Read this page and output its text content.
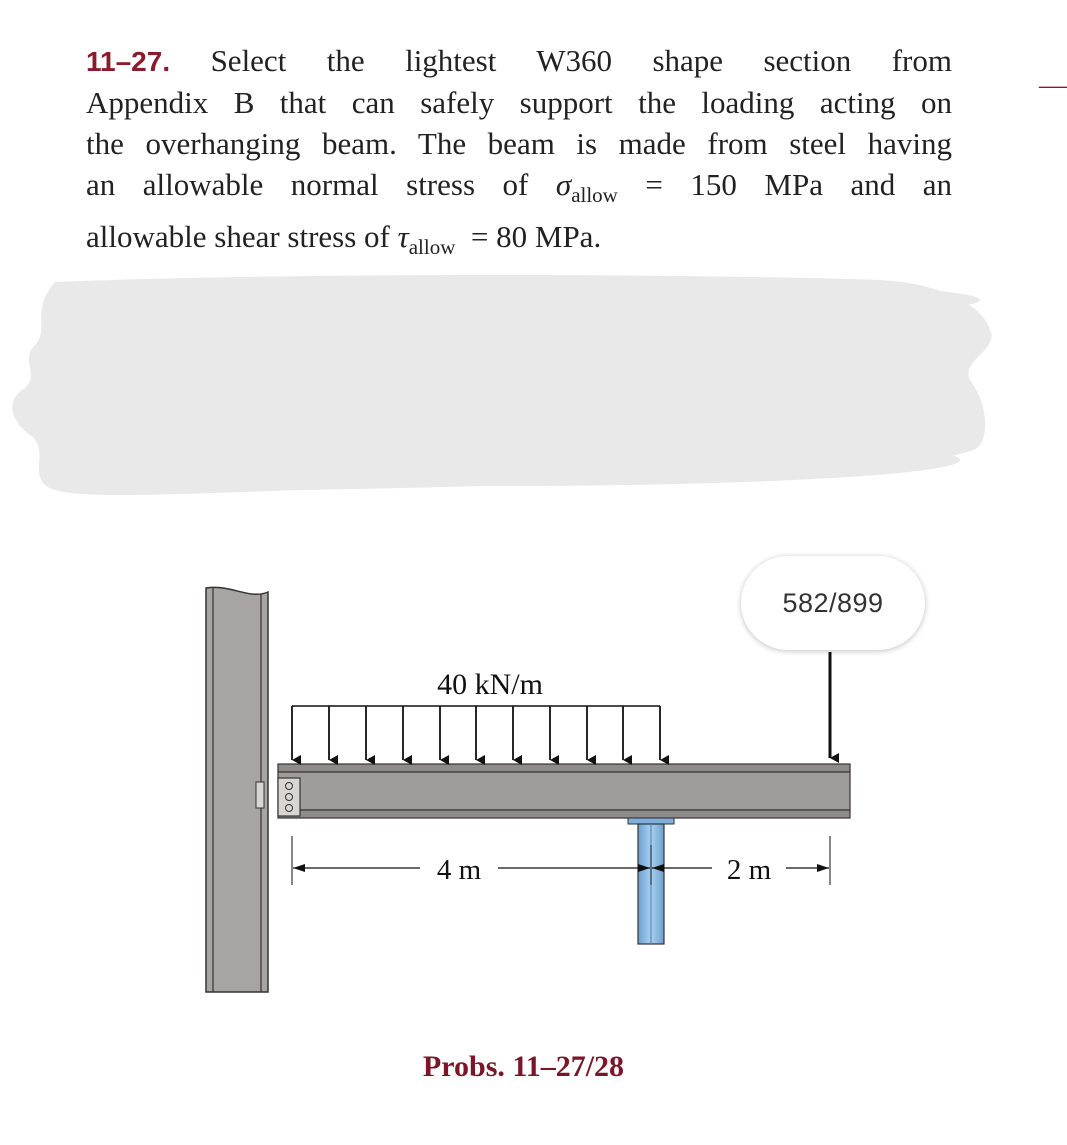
11–27. Select the lightest W360 shape section from
Appendix B that can safely support the loading acting on
the overhanging beam. The beam is made from steel having
an allowable normal stress of $\sigma_{allow} = 150$ MPa and an
allowable shear stress of $\tau_{allow} = 80$ MPa.
—
582/899
40 kN/m
4 m	2 m
Probs. 11–27/28
